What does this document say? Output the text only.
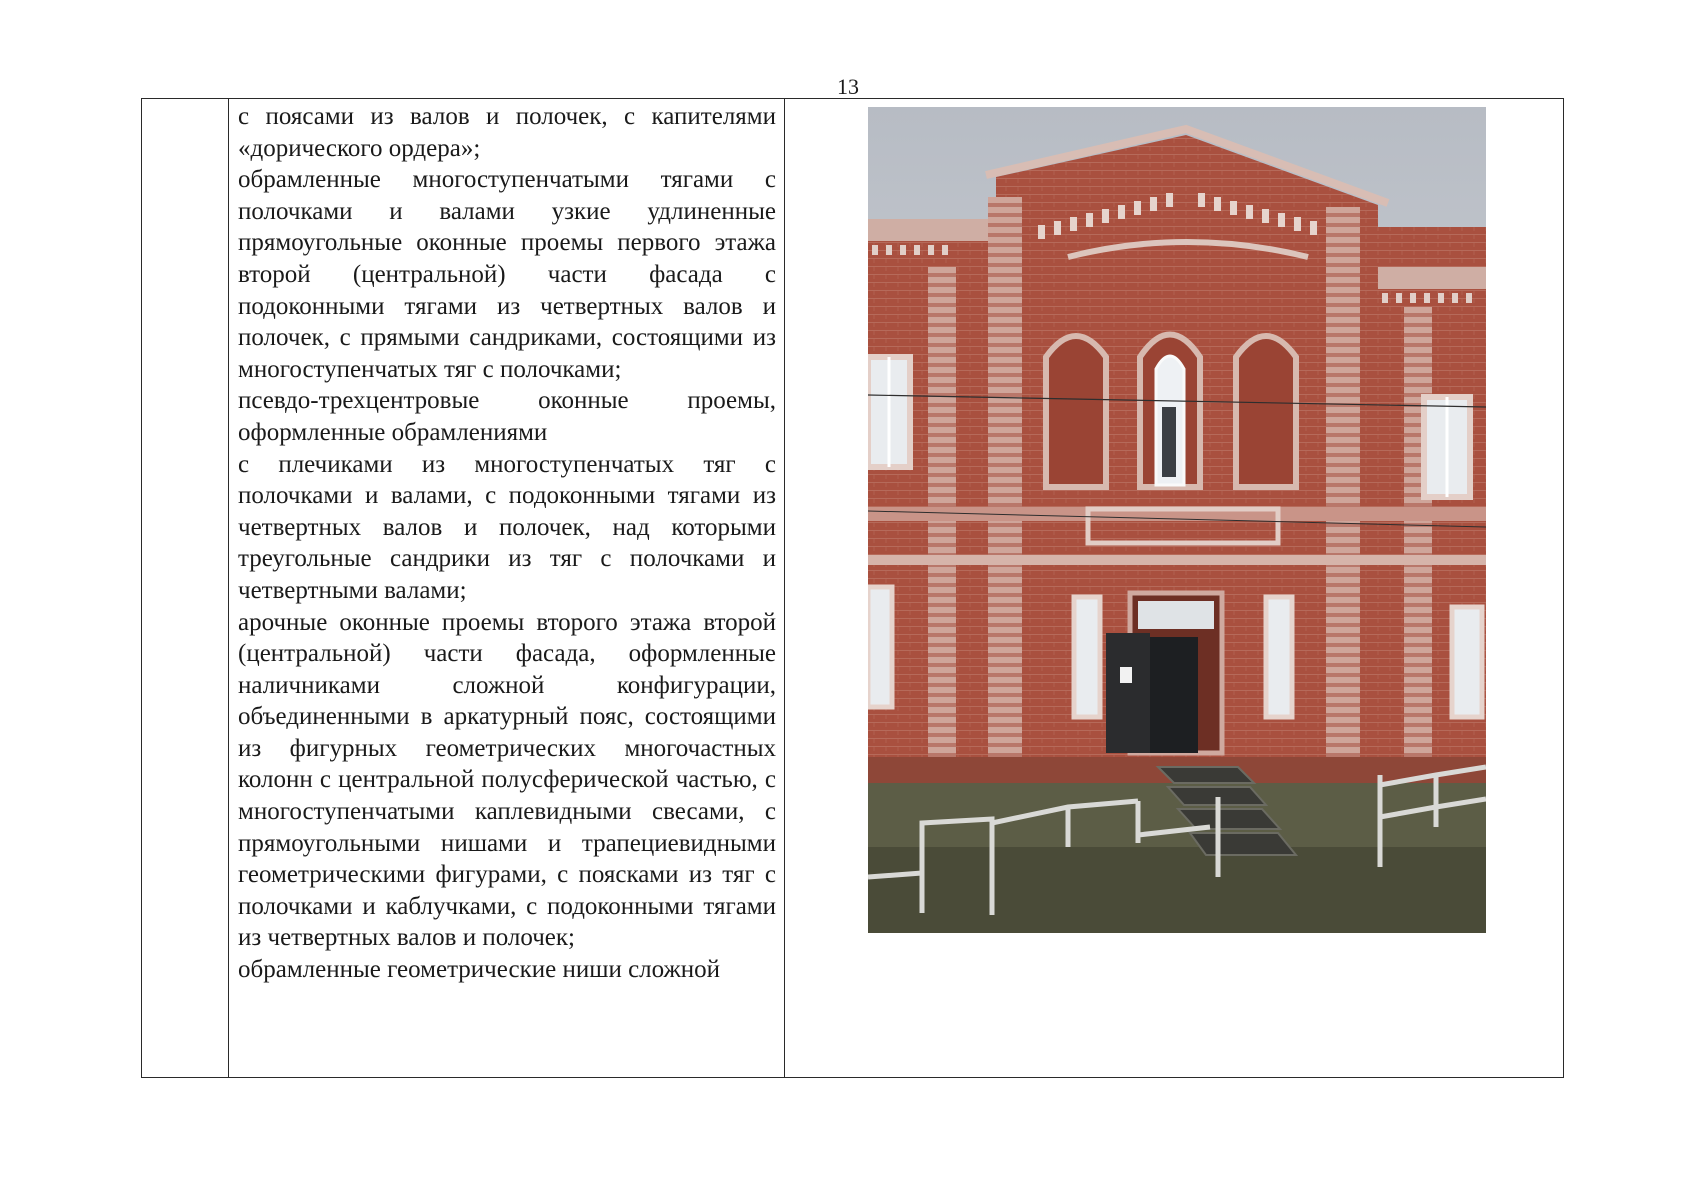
13

с поясами из валов и полочек, с капителями «дорического ордера»;

обрамленные многоступенчатыми тягами с полочками и валами узкие удлиненные прямоугольные оконные проемы первого этажа второй (центральной) части фасада с подоконными тягами из четвертных валов и полочек, с прямыми сандриками, состоящими из многоступенчатых тяг с полочками;

псевдо-трехцентровые оконные проемы, оформленные обрамлениями

с плечиками из многоступенчатых тяг с полочками и валами, с подоконными тягами из четвертных валов и полочек, над которыми треугольные сандрики из тяг с полочками и четвертными валами;

арочные оконные проемы второго этажа второй (центральной) части фасада, оформленные наличниками сложной конфигурации, объединенными в аркатурный пояс, состоящими из фигурных геометрических многочастных колонн с центральной полусферической частью, с многоступенчатыми каплевидными свесами, с прямоугольными нишами и трапециевидными геометрическими фигурами, с поясками из тяг с полочками и каблучками, с подоконными тягами из четвертных валов и полочек;

обрамленные геометрические ниши сложной
